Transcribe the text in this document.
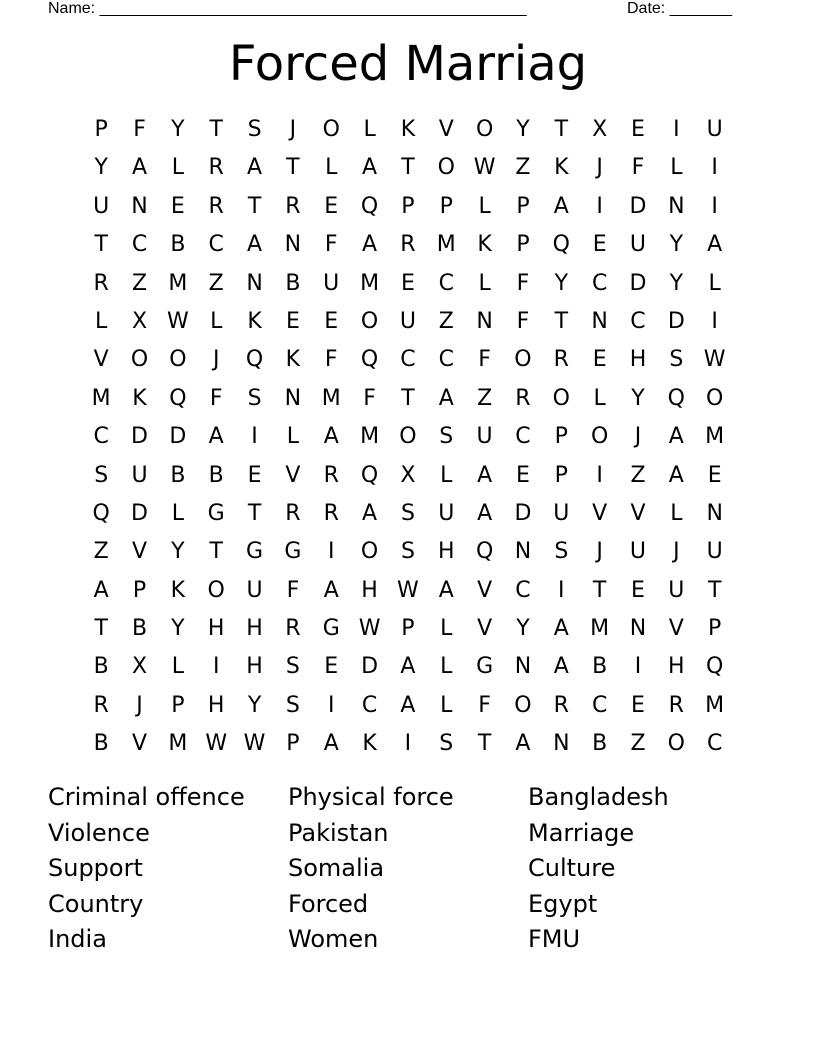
Name: ________________________________________________	Date: _______
Forced Marriag
P	F	Y	T	S	J	O	L	K	V	O	Y	T	X	E	I	U
Y	A	L	R	A	T	L	A	T	O W Z	K	J	F	L	I
U	N	E	R	T	R	E	Q	P	P	L	P	A	I	D N	I
T	C	B	C	A	N	F	A	R M K	P	Q	E	U	Y	A
R	Z M Z	N	B	U M E	C	L	F	Y	C	D	Y	L
L	X W L	K	E	E	O U	Z	N	F	T	N	C	D	I
V	O O	J	Q	K	F	Q	C	C	F	O	R	E	H	S W
M K	Q	F	S	N M	F	T	A	Z	R	O	L	Y	Q O
C	D D	A	I	L	A M O	S	U	C	P	O	J	A M
S	U	B	B	E	V	R	Q	X	L	A	E	P	I	Z	A	E
Q D	L	G	T	R	R	A	S	U	A	D U	V	V	L	N
Z	V	Y	T	G G	I	O	S	H Q N	S	J	U	J	U
A	P	K	O U	F	A	H W A	V	C	I	T	E	U	T
T	B	Y	H H	R	G W P	L	V	Y	A M N	V	P
B	X	L	I	H	S	E	D	A	L	G N	A	B	I	H Q
R	J	P	H	Y	S	I	C	A	L	F	O	R	C	E	R M
B	V M W W P	A	K	I	S	T	A	N	B	Z	O	C
Criminal offence	Physical force	Bangladesh
Violence	Pakistan	Marriage
Support	Somalia	Culture
Country	Forced	Egypt
India	Women	FMU
